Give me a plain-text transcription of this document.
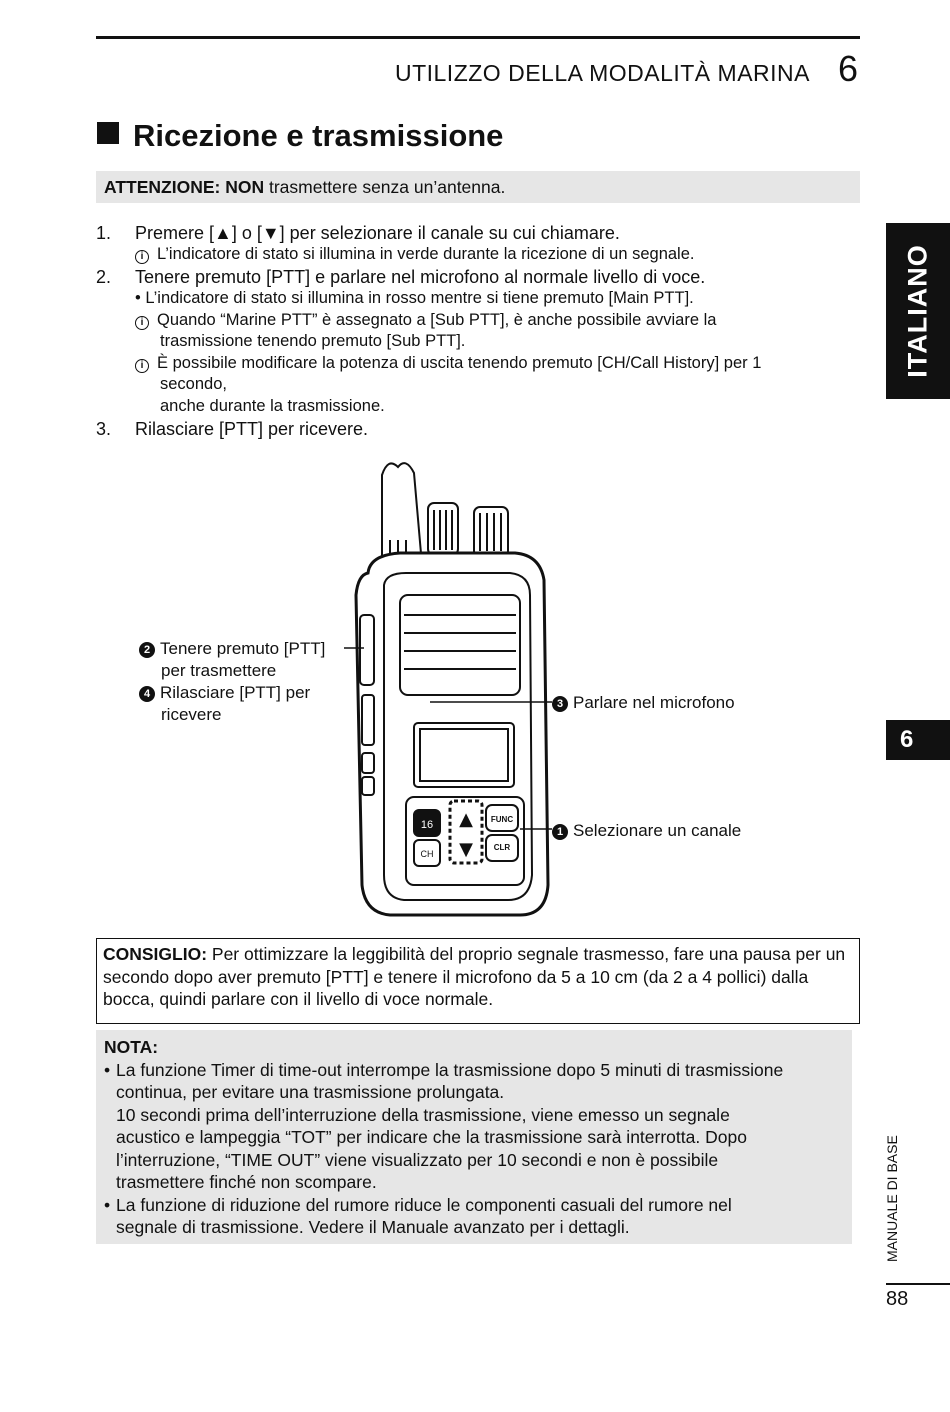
UTILIZZO DELLA MODALITÀ MARINA 6
Ricezione e trasmissione
ATTENZIONE: NON trasmettere senza un’antenna.
1. Premere [▲] o [▼] per selezionare il canale su cui chiamare.
i L’indicatore di stato si illumina in verde durante la ricezione di un segnale.
2. Tenere premuto [PTT] e parlare nel microfono al normale livello di voce.
• L’indicatore di stato si illumina in rosso mentre si tiene premuto [Main PTT].
i Quando “Marine PTT” è assegnato a [Sub PTT], è anche possibile avviare la
trasmissione tenendo premuto [Sub PTT].
i È possibile modificare la potenza di uscita tenendo premuto [CH/Call History] per 1
secondo,
anche durante la trasmissione.
3. Rilasciare [PTT] per ricevere.
▲
▼
16	FUNC
CLR
CH
2 Tenere premuto [PTT]
per trasmettere
4 Rilasciare [PTT] per
ricevere
3 Parlare nel microfono
1 Selezionare un canale
CONSIGLIO: Per ottimizzare la leggibilità del proprio segnale trasmesso, fare una pausa per un secondo dopo aver premuto [PTT] e tenere il microfono da 5 a 10 cm (da 2 a 4 pollici) dalla bocca, quindi parlare con il livello di voce normale.
NOTA:
• La funzione Timer di time-out interrompe la trasmissione dopo 5 minuti di trasmissione
continua, per evitare una trasmissione prolungata.
10 secondi prima dell’interruzione della trasmissione, viene emesso un segnale
acustico e lampeggia “TOT” per indicare che la trasmissione sarà interrotta. Dopo
l’interruzione, “TIME OUT” viene visualizzato per 10 secondi e non è possibile
trasmettere finché non scompare.
• La funzione di riduzione del rumore riduce le componenti casuali del rumore nel
segnale di trasmissione. Vedere il Manuale avanzato per i dettagli.
ITALIANO
6
MANUALE DI BASE
88
